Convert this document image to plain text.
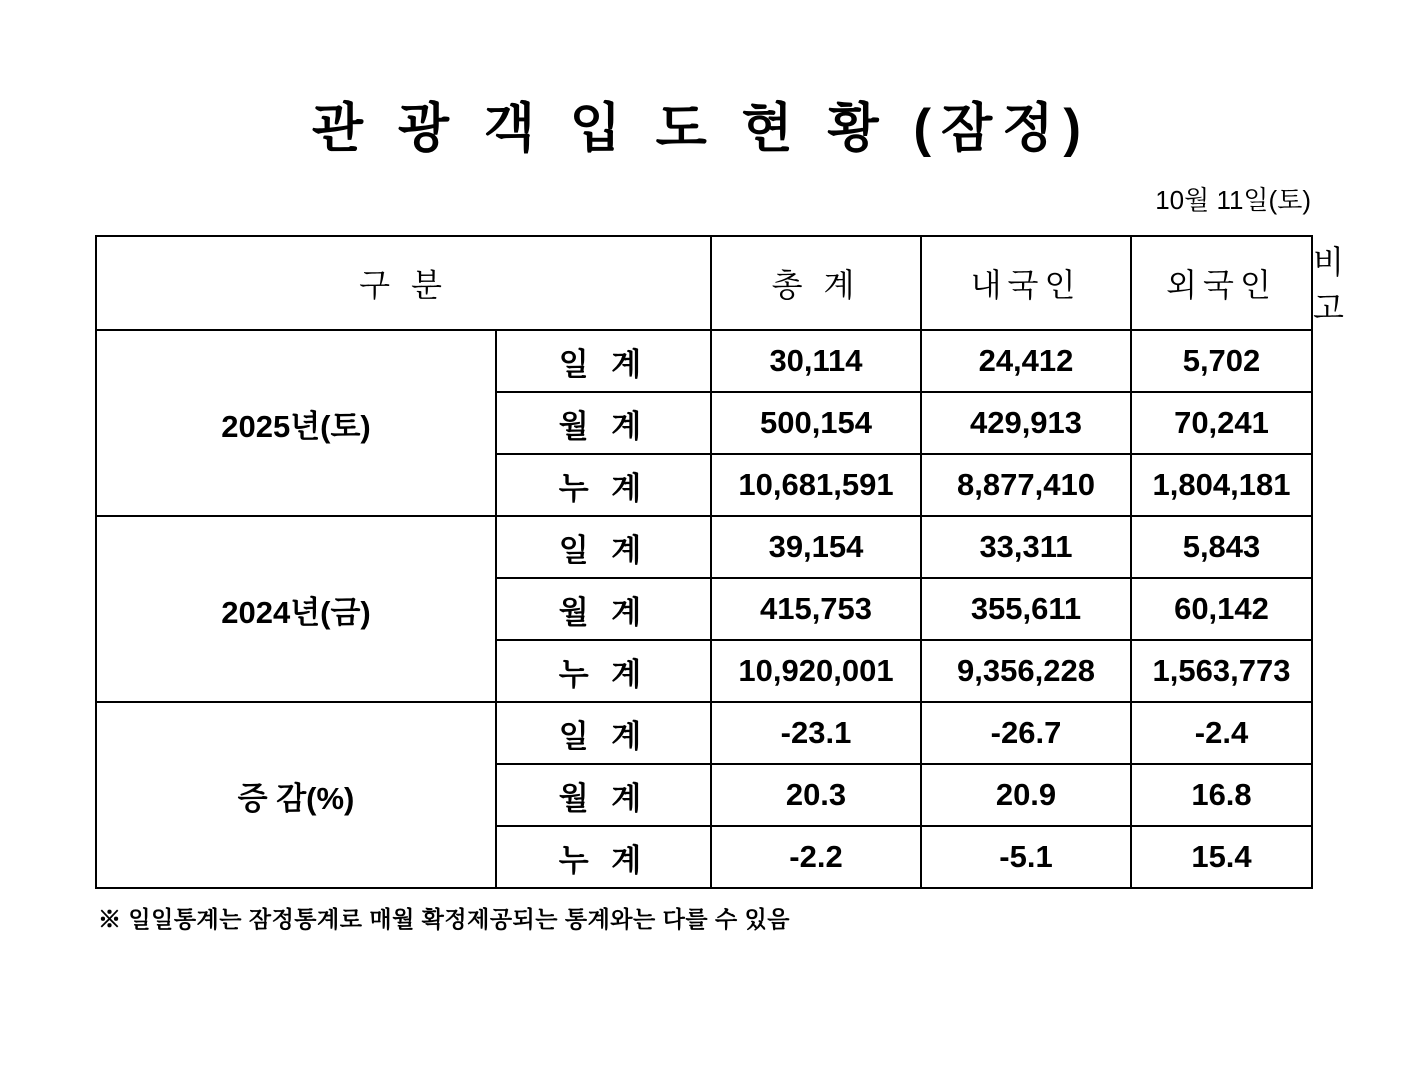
관 광 객 입 도 현 황 (잠정)
10월 11일(토)
구 분		총 계	내국인	외국인	비 고
2025년(토)	일 계	30,114	24,412	5,702	
	월 계	500,154	429,913	70,241	
	누 계	10,681,591	8,877,410	1,804,181	
2024년(금)	일 계	39,154	33,311	5,843	
	월 계	415,753	355,611	60,142	
	누 계	10,920,001	9,356,228	1,563,773	
증 감(%)	일 계	-23.1	-26.7	-2.4	
	월 계	20.3	20.9	16.8	
	누 계	-2.2	-5.1	15.4	
※ 일일통계는 잠정통계로 매월 확정제공되는 통계와는 다를 수 있음
